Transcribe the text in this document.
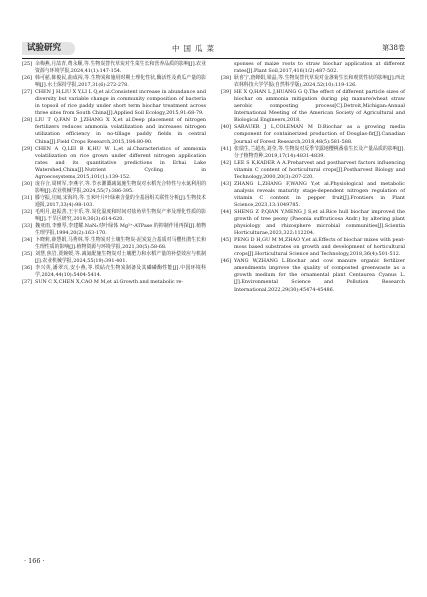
试验研究	中国瓜菜	第38卷

[25] 余梅燕,月喆青,费永顺,等.生物炭替代草炭对生菜生长和营养品质的影响[J].农业资源与环境学报,2024,41(1):147-154.

[26] 韩可慈,陈俊民,曲成闯,等.生物炭和施用时期土理化性状,酶活性及黄瓜产量的影响[J].水土保持学报,2017,31(6):272-278.

[27] CHEN J H,LIU X Y,LI L Q,et al.Consistent increase in abundance and diversity but variable change in community composition of bacteria in topsoil of rice paddy under short term biochar treatment across three sites from South China[J].Applied Soil Ecology,2015,91:68-79.

[28] LIU T Q,FAN D J,ZHANG X X,et al.Deep placement of nitrogen fertilizers reduces ammonia volatilization and increases nitrogen utilization efficiency in no-tillage paddy fields in central China[J].Field Crops Research,2015,184:80-90.

[29] CHEN A Q,LEI B K,HU W L,et al.Characteristics of ammonia volatilization on rice grown under different nitrogen application rates and its quantitative predictions in Erhai Lake Watershed,China[J].Nutrient Cycling in Agroecosystems,2015,101(1):139-152.

[30] 庞存合,周树军,李燕宇,等.节水灌溉减氮施生物炭对水稻光合特性与水氮利用的影响[J].农业机械学报,2024,55(7):386-395.

[31] 滕守振,庄闽,宋海坞,等.玉米叶片叶绿素含量的全基因组关联性分析[J].生物技术通报,2017,33(4):98-103.

[32] 毛明月,赵振善,王宇乐,等.炭化温度和时间对盐角草生物炭产率及理化性质的影响[J].干旱区研究,2019,36(3):614-620.

[33] 魏亚雨,李雅琴,李建耀.NaN₃对叶绿体 Mg²⁺-ATPase 的抑制作用再探[J].植物生理学报,1994,20(2):163-170.

[34] 卜晓莉,薛慧娟,马秀林,等.生物炭对土壤生物炭-泥炭复合基质对马樱杜鹃生长和生理性质的影响[J].植物资源与环境学报,2021,30(5):58-68.

[35] 刘慧,焦岩,贾婉媛,等.减氮配施生物炭对土壤肥力和水稻产量的补偿效应与机制[J].农业机械学报,2024,55(19):391-401.

[36] 李兴英,潘翠兴,安小燕,等.铁砧壳生物炭制备及其磷磷酶性能[J].中国环境科学,2024,44(10):5404-5414.

[37] SUN C X,CHEN X,CAO M M,et al.Growth and metabolic re-

sponses of maize roots to straw biochar application at different rates[J].Plant Soil,2017,416(1/2):487-502.

[38] 耿喜宁,唐婵娟,梁晶,等.生物炭替代草炭对金盏菊生长和观赏性状的影响[J].西北农林科技大学学报(自然科学版),2024,52(10):119-126.

[39] HE X Q,HAN L J,HUANG G Q.The effect of different particle sizes of biochar on ammonia mitigation during pig manure/wheat straw aerobic composting process[C].Detroit,Michigan:Annual International Meeting of the American Society of Agricultural and Biological Engineers,2018.

[40] SARAUER J L,COLEMAN M D.Biochar as a growing media component for containerized production of Douglas-fir[J].Canadian Journal of Forest Research,2018,48(5):581-588.

[41] 张瑞生,兰超杰,刘莹,等.生物炭对反季节露地樱桃番茄生长及产量品质的影响[J].分子植物育种,2019,17(14):4831-4839.

[42] LEE S K,KADER A A.Preharvest and postharvest factors influencing vitamin C content of horticultural crops[J].Postharvest Biology and Technology,2000,20(3):207-220.

[43] ZHANG L,ZHANG F,WANG Y,et al.Physiological and metabolic analysis reveals maturity stage-dependent nitrogen regulation of vitamin C content in pepper fruit[J].Frontiers in Plant Science,2023,13:1049785.

[44] SHENG Z P,QIAN Y,MENG J S,et al.Rice hull biochar improved the growth of tree peony (Paeonia suffruticosa Andr.) by altering plant physiology and rhizosphere microbial communities[J].Scientia Horticulturae,2023,322:112204.

[45] PENG D H,GU M M,ZHAO Y,et al.Effects of biochar mixes with peat-moss based substrates on growth and development of horticultural crops[J].Horticultural Science and Technology,2018,36(4):501-512.

[46] YANG W,ZHANG L.Biochar and cow manure organic fertilizer amendments improve the quality of composted greenwaste as a growth medium for the ornamental plant Centaurea Cyanus L.[J].Environmental Science and Pollution Research International,2022,29(30):45474-45486.

· 166 ·
